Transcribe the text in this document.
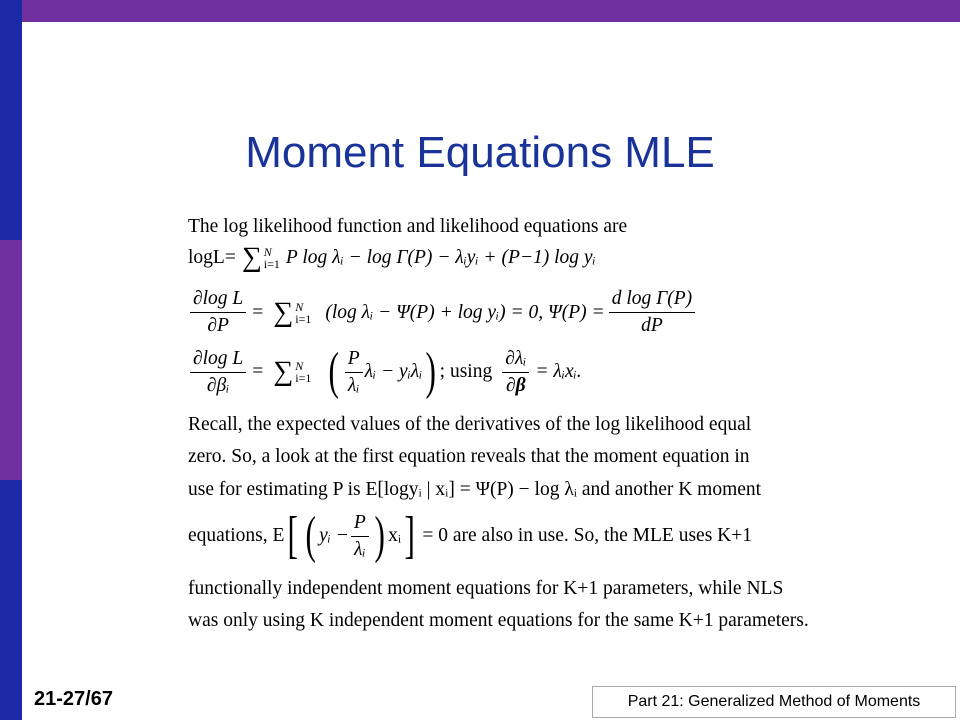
Moment Equations MLE
The log likelihood function and likelihood equations are
logL= ∑ N
i=1 P log λᵢ − log Γ(P) − λᵢyᵢ + (P−1) log yᵢ
$\frac{\text{∂log L}}{\partial P}$ = ∑ N
i=1 (log λᵢ − Ψ(P) + log yᵢ) = 0, $\Psi(P) = \frac{\text{d log Γ(P)}}{dP}$
$\frac{\text{∂log L}}{\text{∂βᵢ}}$ = ∑ N
i=1 ( $\frac{P}{\text{λᵢ}}$ λᵢ − yᵢλᵢ ) ; using $\frac{\text{∂λᵢ}}{\partial\beta}$ = λᵢxᵢ.
Recall, the expected values of the derivatives of the log likelihood equal
zero. So, a look at the first equation reveals that the moment equation in
use for estimating P is E[logyᵢ | xᵢ] = Ψ(P) − log λᵢ and another K moment
equations, E [ ( yᵢ − $\frac{P}{\text{λᵢ}}$ ) xᵢ ] = 0 are also in use. So, the MLE uses K+1
functionally independent moment equations for K+1 parameters, while NLS
was only using K independent moment equations for the same K+1 parameters.
21-27/67	Part 21: Generalized Method of Moments
